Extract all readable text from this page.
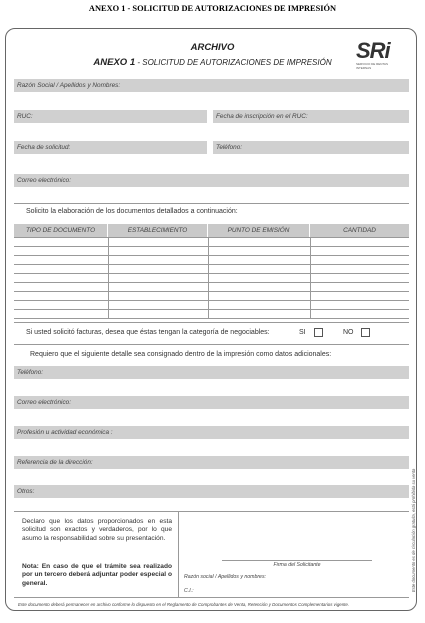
ANEXO 1 - SOLICITUD DE AUTORIZACIONES DE IMPRESIÓN
ARCHIVO
ANEXO 1 - SOLICITUD DE AUTORIZACIONES DE IMPRESIÓN	SRi
SERVICIO DE RENTAS INTERNAS
Razón Social / Apellidos y Nombres:
RUC:	Fecha de inscripción en el RUC:
Fecha de solicitud:	Teléfono:
Correo electrónico:
Solicito la elaboración de los documentos detallados a continuación:
TIPO DE DOCUMENTO	ESTABLECIMIENTO	PUNTO DE EMISIÓN	CANTIDAD
Si usted solicitó facturas, desea que éstas tengan la categoría de negociables:	SI	NO
Requiero que el siguiente detalle sea consignado dentro de la impresión como datos adicionales:
Teléfono:
Correo electrónico:
Profesión u actividad económica :
Referencia de la dirección:
Otros:
Declaro que los datos proporcionados en esta solicitud son exactos y verdaderos, por lo que asumo la responsabilidad sobre su presentación.
Nota: En caso de que el trámite sea realizado por un tercero deberá adjuntar poder especial o general.
Firma del Solicitante
Razón social / Apellidos y nombres:
C.I.:
Este documento deberá permanecer en archivo conforme lo dispuesto en el Reglamento de Comprobantes de Venta, Retención y Documentos Complementarios vigente.
Este documento es de circulación gratuita, está prohibida su venta
